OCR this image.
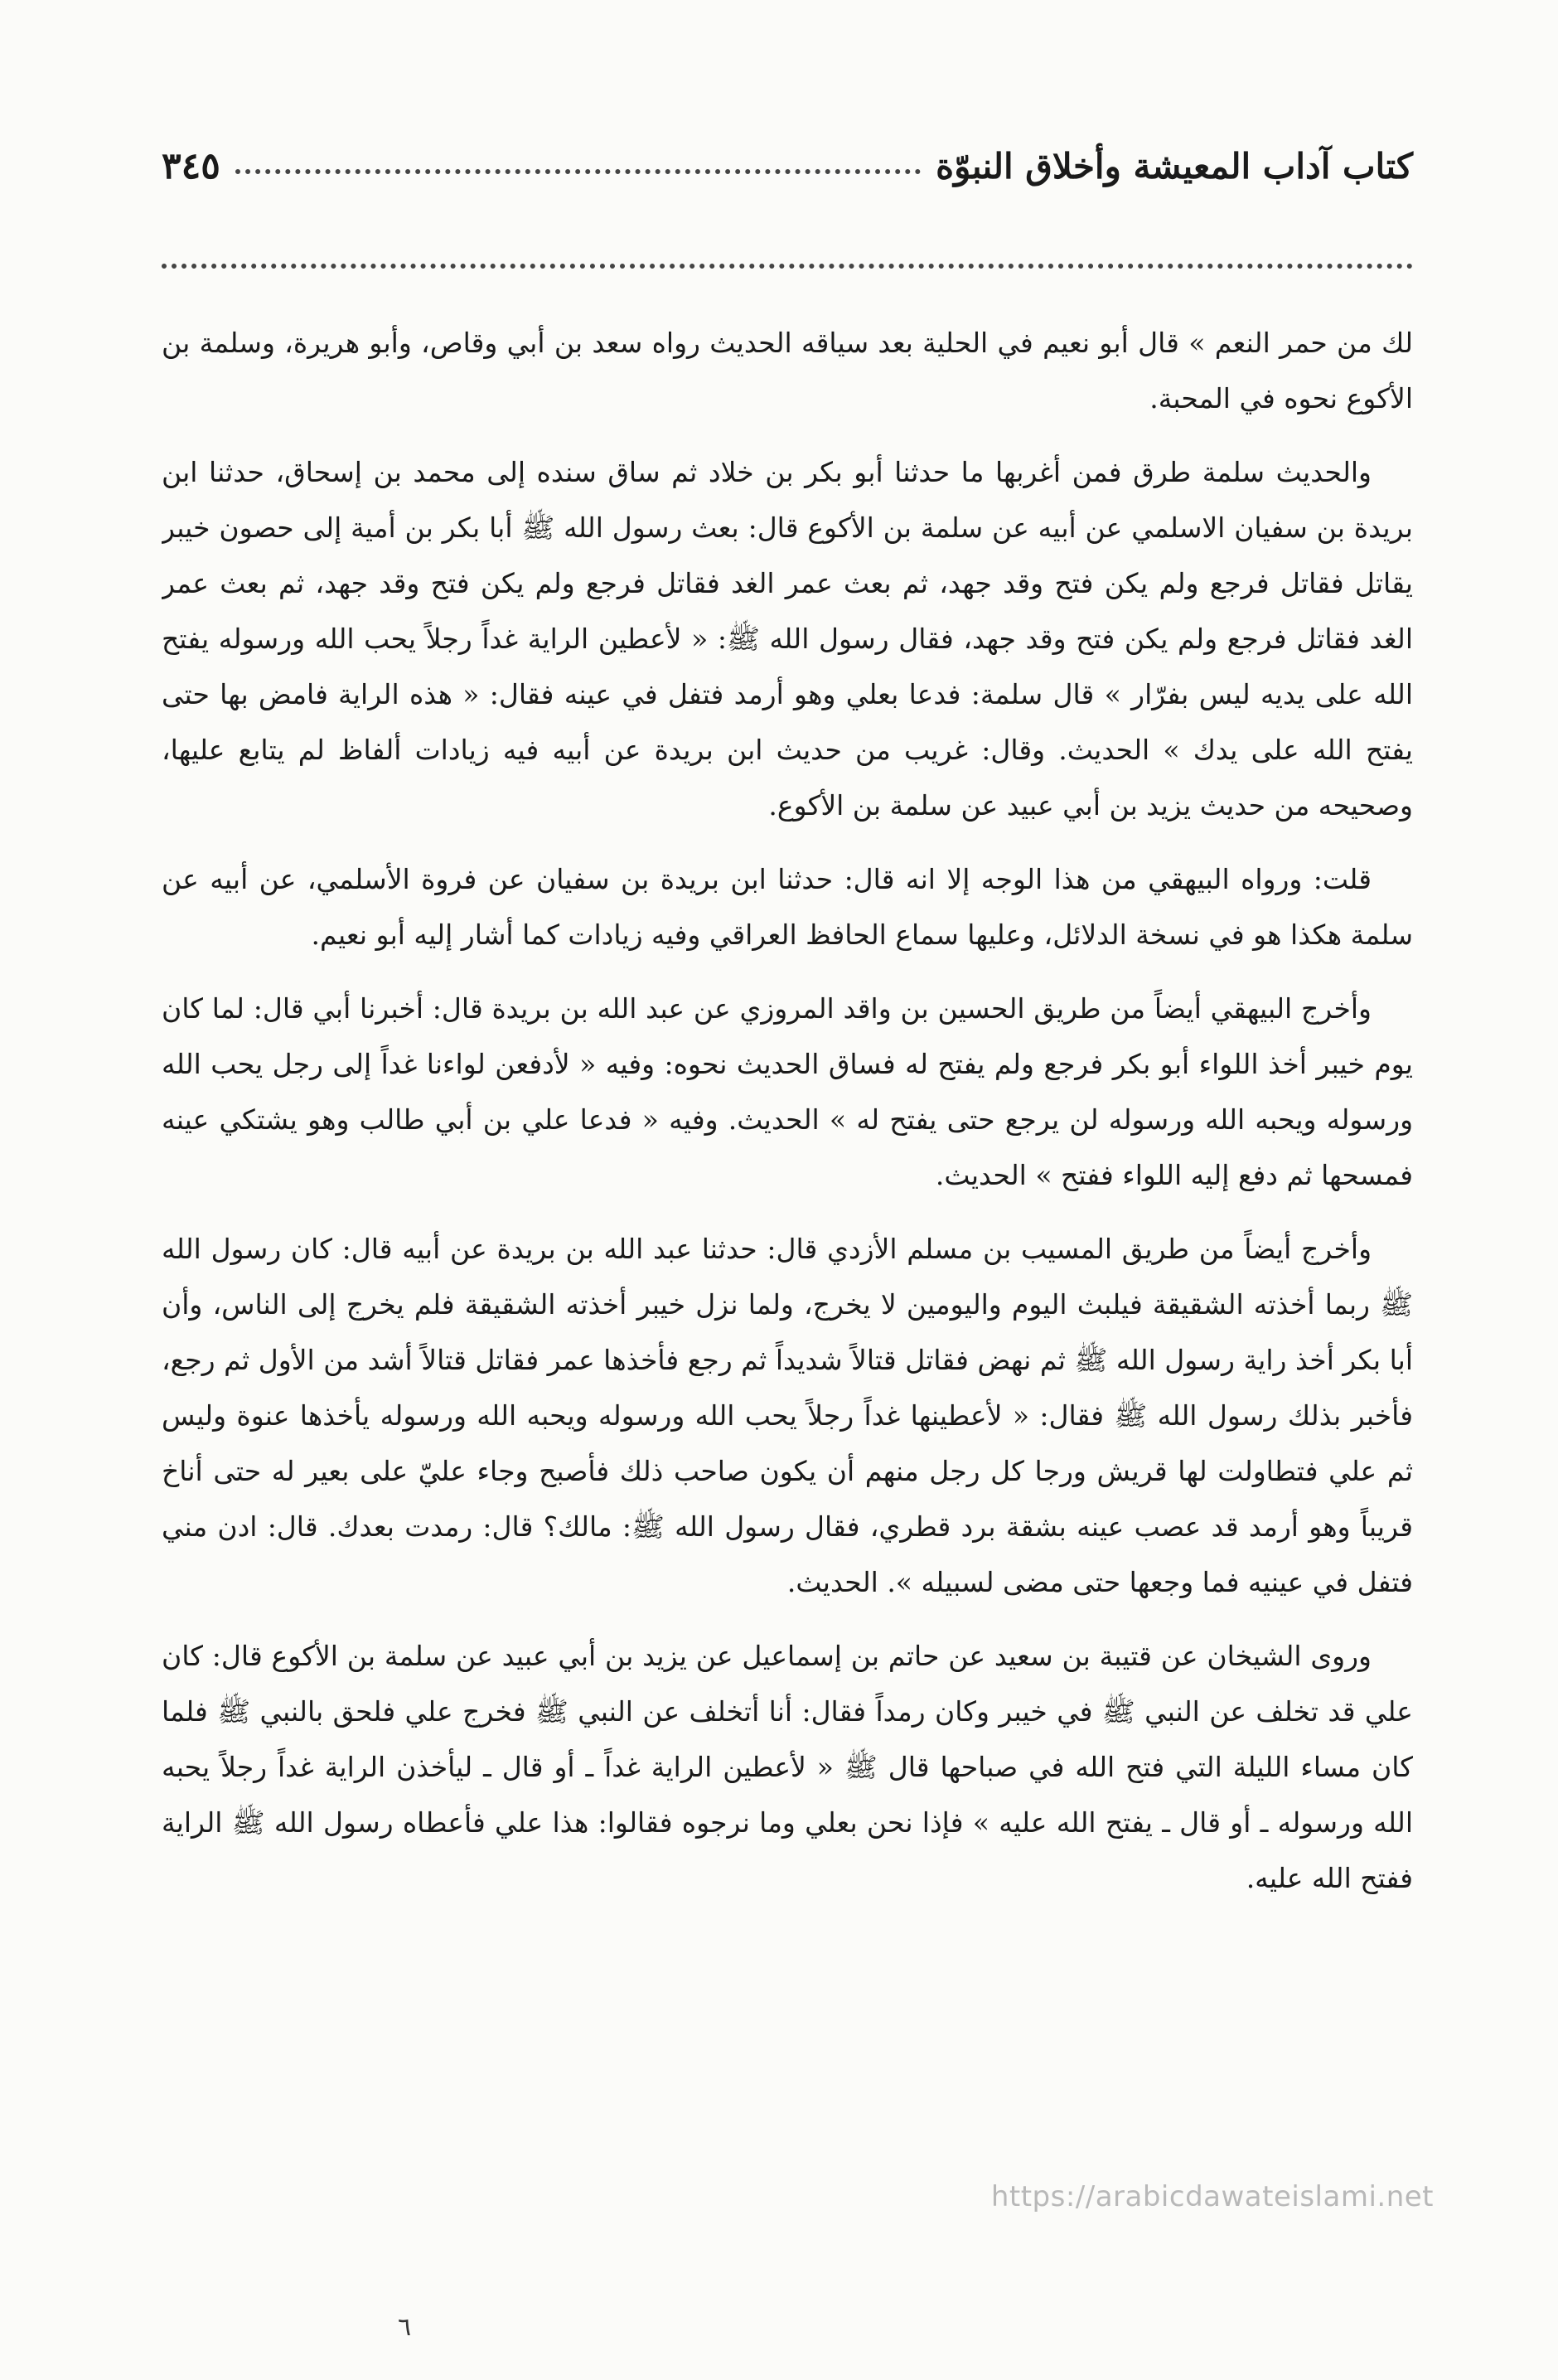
كتاب آداب المعيشة وأخلاق النبوّة
٣٤٥

لك من حمر النعم » قال أبو نعيم في الحلية بعد سياقه الحديث رواه سعد بن أبي وقاص، وأبو هريرة، وسلمة بن الأكوع نحوه في المحبة.

والحديث سلمة طرق فمن أغربها ما حدثنا أبو بكر بن خلاد ثم ساق سنده إلى محمد بن إسحاق، حدثنا ابن بريدة بن سفيان الاسلمي عن أبيه عن سلمة بن الأكوع قال: بعث رسول الله ﷺ أبا بكر بن أمية إلى حصون خيبر يقاتل فقاتل فرجع ولم يكن فتح وقد جهد، ثم بعث عمر الغد فقاتل فرجع ولم يكن فتح وقد جهد، ثم بعث عمر الغد فقاتل فرجع ولم يكن فتح وقد جهد، فقال رسول الله ﷺ: « لأعطين الراية غداً رجلاً يحب الله ورسوله يفتح الله على يديه ليس بفرّار » قال سلمة: فدعا بعلي وهو أرمد فتفل في عينه فقال: « هذه الراية فامض بها حتى يفتح الله على يدك » الحديث. وقال: غريب من حديث ابن بريدة عن أبيه فيه زيادات ألفاظ لم يتابع عليها، وصحيحه من حديث يزيد بن أبي عبيد عن سلمة بن الأكوع.

قلت: ورواه البيهقي من هذا الوجه إلا انه قال: حدثنا ابن بريدة بن سفيان عن فروة الأسلمي، عن أبيه عن سلمة هكذا هو في نسخة الدلائل، وعليها سماع الحافظ العراقي وفيه زيادات كما أشار إليه أبو نعيم.

وأخرج البيهقي أيضاً من طريق الحسين بن واقد المروزي عن عبد الله بن بريدة قال: أخبرنا أبي قال: لما كان يوم خيبر أخذ اللواء أبو بكر فرجع ولم يفتح له فساق الحديث نحوه: وفيه « لأدفعن لواءنا غداً إلى رجل يحب الله ورسوله ويحبه الله ورسوله لن يرجع حتى يفتح له » الحديث. وفيه « فدعا علي بن أبي طالب وهو يشتكي عينه فمسحها ثم دفع إليه اللواء ففتح » الحديث.

وأخرج أيضاً من طريق المسيب بن مسلم الأزدي قال: حدثنا عبد الله بن بريدة عن أبيه قال: كان رسول الله ﷺ ربما أخذته الشقيقة فيلبث اليوم واليومين لا يخرج، ولما نزل خيبر أخذته الشقيقة فلم يخرج إلى الناس، وأن أبا بكر أخذ راية رسول الله ﷺ ثم نهض فقاتل قتالاً شديداً ثم رجع فأخذها عمر فقاتل قتالاً أشد من الأول ثم رجع، فأخبر بذلك رسول الله ﷺ فقال: « لأعطينها غداً رجلاً يحب الله ورسوله ويحبه الله ورسوله يأخذها عنوة وليس ثم علي فتطاولت لها قريش ورجا كل رجل منهم أن يكون صاحب ذلك فأصبح وجاء عليّ على بعير له حتى أناخ قريباً وهو أرمد قد عصب عينه بشقة برد قطري، فقال رسول الله ﷺ: مالك؟ قال: رمدت بعدك. قال: ادن مني فتفل في عينيه فما وجعها حتى مضى لسبيله ». الحديث.

وروى الشيخان عن قتيبة بن سعيد عن حاتم بن إسماعيل عن يزيد بن أبي عبيد عن سلمة بن الأكوع قال: كان علي قد تخلف عن النبي ﷺ في خيبر وكان رمداً فقال: أنا أتخلف عن النبي ﷺ فخرج علي فلحق بالنبي ﷺ فلما كان مساء الليلة التي فتح الله في صباحها قال ﷺ « لأعطين الراية غداً ـ أو قال ـ ليأخذن الراية غداً رجلاً يحبه الله ورسوله ـ أو قال ـ يفتح الله عليه » فإذا نحن بعلي وما نرجوه فقالوا: هذا علي فأعطاه رسول الله ﷺ الراية ففتح الله عليه.

https://arabicdawateislami.net
٦
